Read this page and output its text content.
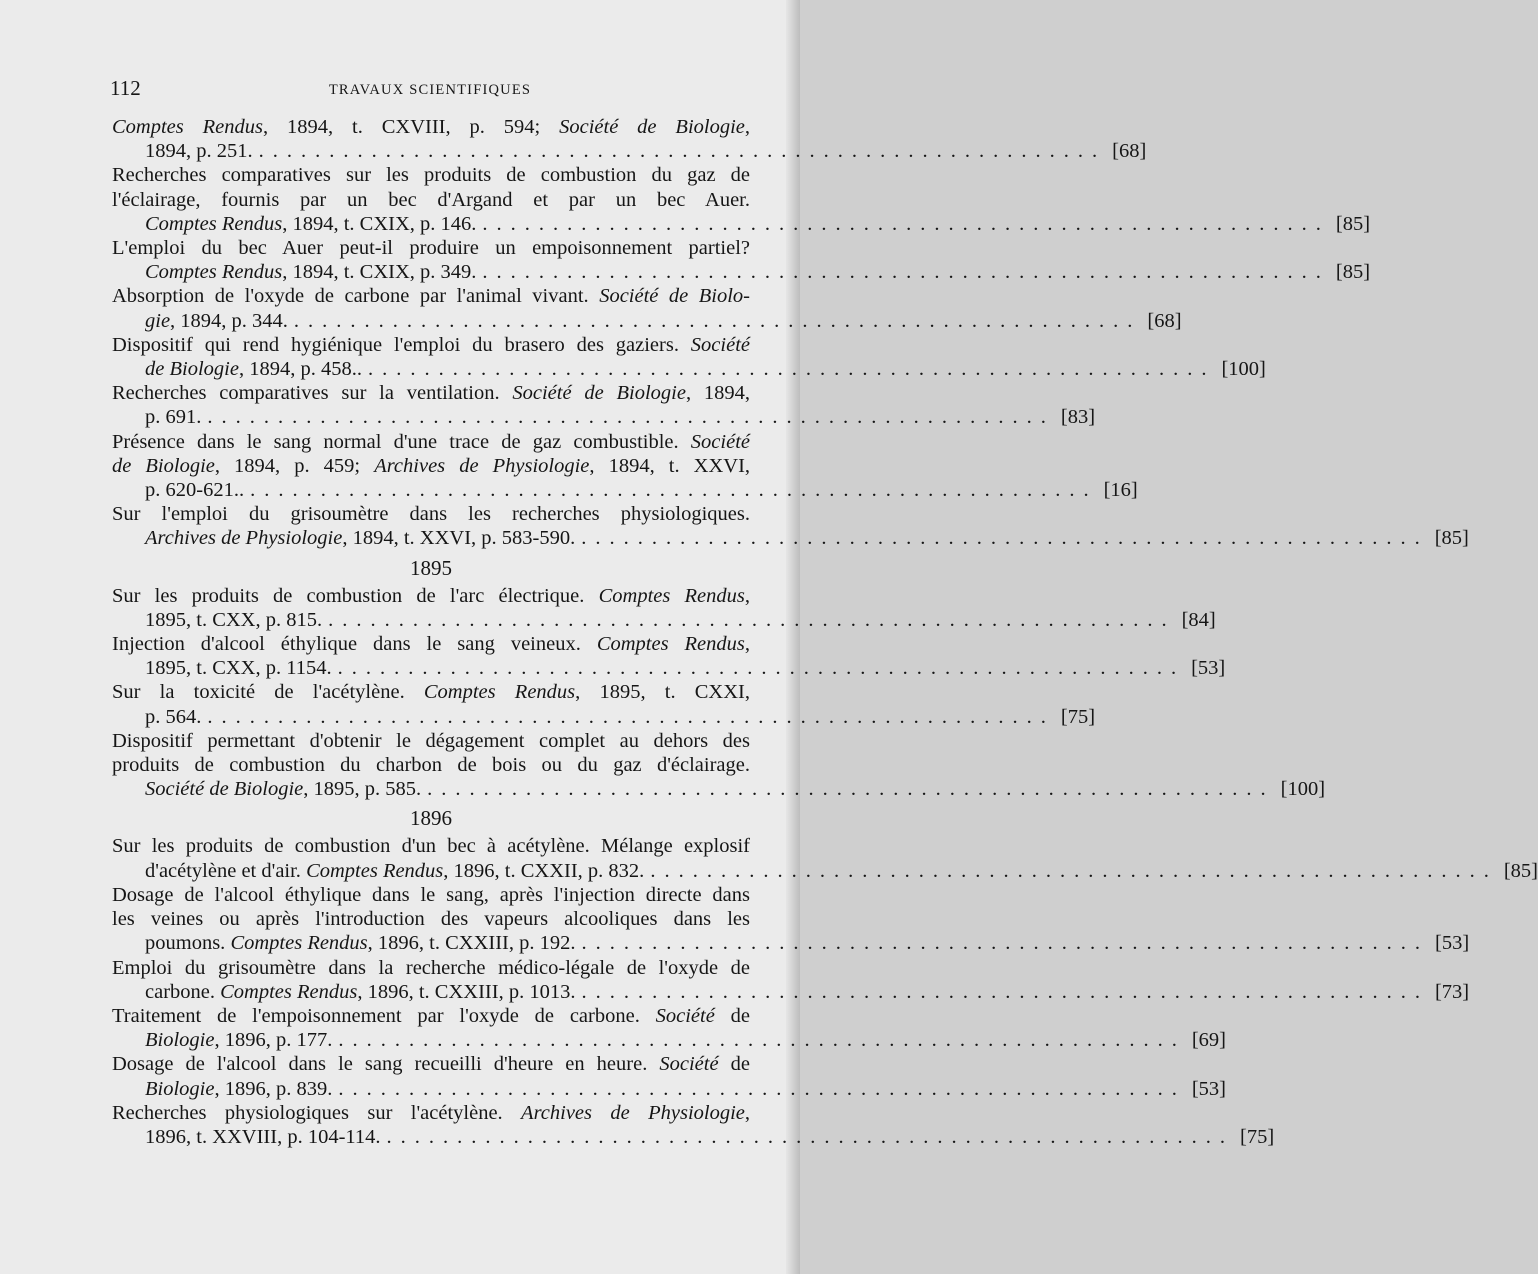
112	TRAVAUX SCIENTIFIQUES
Comptes Rendus, 1894, t. CXVIII, p. 594; Société de Biologie,
1894, p. 251. ............................................................ [68]
Recherches comparatives sur les produits de combustion du gaz de
l'éclairage, fournis par un bec d'Argand et par un bec Auer.
Comptes Rendus, 1894, t. CXIX, p. 146. ............................................................ [85]
L'emploi du bec Auer peut-il produire un empoisonnement partiel?
Comptes Rendus, 1894, t. CXIX, p. 349. ............................................................ [85]
Absorption de l'oxyde de carbone par l'animal vivant. Société de Biolo-
gie, 1894, p. 344. ............................................................ [68]
Dispositif qui rend hygiénique l'emploi du brasero des gaziers. Société
de Biologie, 1894, p. 458.. ............................................................ [100]
Recherches comparatives sur la ventilation. Société de Biologie, 1894,
p. 691. ............................................................ [83]
Présence dans le sang normal d'une trace de gaz combustible. Société
de Biologie, 1894, p. 459; Archives de Physiologie, 1894, t. XXVI,
p. 620-621.. ............................................................ [16]
Sur l'emploi du grisoumètre dans les recherches physiologiques.
Archives de Physiologie, 1894, t. XXVI, p. 583-590. ............................................................ [85]
1895
Sur les produits de combustion de l'arc électrique. Comptes Rendus,
1895, t. CXX, p. 815. ............................................................ [84]
Injection d'alcool éthylique dans le sang veineux. Comptes Rendus,
1895, t. CXX, p. 1154. ............................................................ [53]
Sur la toxicité de l'acétylène. Comptes Rendus, 1895, t. CXXI,
p. 564. ............................................................ [75]
Dispositif permettant d'obtenir le dégagement complet au dehors des
produits de combustion du charbon de bois ou du gaz d'éclairage.
Société de Biologie, 1895, p. 585. ............................................................ [100]
1896
Sur les produits de combustion d'un bec à acétylène. Mélange explosif
d'acétylène et d'air. Comptes Rendus, 1896, t. CXXII, p. 832. ............................................................ [85]
Dosage de l'alcool éthylique dans le sang, après l'injection directe dans
les veines ou après l'introduction des vapeurs alcooliques dans les
poumons. Comptes Rendus, 1896, t. CXXIII, p. 192. ............................................................ [53]
Emploi du grisoumètre dans la recherche médico-légale de l'oxyde de
carbone. Comptes Rendus, 1896, t. CXXIII, p. 1013. ............................................................ [73]
Traitement de l'empoisonnement par l'oxyde de carbone. Société de
Biologie, 1896, p. 177. ............................................................ [69]
Dosage de l'alcool dans le sang recueilli d'heure en heure. Société de
Biologie, 1896, p. 839. ............................................................ [53]
Recherches physiologiques sur l'acétylène. Archives de Physiologie,
1896, t. XXVIII, p. 104-114. ............................................................ [75]
